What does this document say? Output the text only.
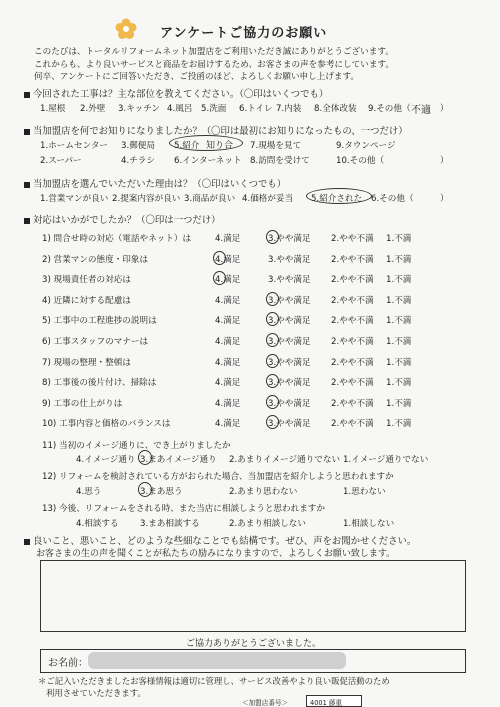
アンケートご協力のお願い
このたびは、トータルリフォームネット加盟店をご利用いただき誠にありがとうございます。
これからも、より良いサービスと商品をお届けするため、お客さまの声を参考にしています。
何卒、アンケートにご回答いただき、ご投函のほど、よろしくお願い申し上げます。
今回された工事は？主な部位を教えてください。（〇印はいくつでも）
1.屋根 2.外壁 3.キッチン 4.風呂 5.洗面 6.トイレ 7.内装 8.全体改装 9.その他（ 不適 ）
当加盟店を何でお知りになりましたか？（〇印は最初にお知りになったもの、一つだけ）
1.ホームセンター 3.郵便局 5.紹介 知り合 7.現場を見て	9.タウンページ
2.スーパー	4.チラシ 6.インターネット 8.訪問を受けて	10.その他（	）
当加盟店を選んでいただいた理由は？（〇印はいくつでも）
1.営業マンが良い 2.提案内容が良い 3.商品が良い 4.価格が妥当 5.紹介された 6.その他（	）
対応はいかがでしたか？（〇印は一つだけ）
11) 当初のイメージ通りに、でき上がりましたか
4.イメージ通り 3.まあイメージ通り 2.あまりイメージ通りでない 1.イメージ通りでない
12) リフォームを検討されている方がおられた場合、当加盟店を紹介しようと思われますか
4.思う	3.まあ思う	2.あまり思わない	1.思わない
13) 今後、リフォームをされる時、また当店に相談しようと思われますか
4.相談する 3.まあ相談する	2.あまり相談しない	1.相談しない
良いこと、悪いこと、どのような些細なことでも結構です。ぜひ、声をお聞かせください。
お客さまの生の声を聞くことが私たちの励みになりますので、よろしくお願い致します。
ご協力ありがとうございました。
お名前：
＊ご記入いただきましたお客様情報は適切に管理し、サービス改善やより良い販促活動のため
利用させていただきます。
＜加盟店番号＞	4001 藤重
1) 問合せ時の対応（電話やネット）は	4.満足	3.やや満足 2.やや不満 1.不満
2) 営業マンの態度・印象は	4.満足	3.やや満足 2.やや不満 1.不満
3) 現場責任者の対応は	4.満足	3.やや満足 2.やや不満 1.不満
4) 近隣に対する配慮は	4.満足	3.やや満足 2.やや不満 1.不満
5) 工事中の工程進捗の説明は	4.満足	3.やや満足 2.やや不満 1.不満
6) 工事スタッフのマナーは	4.満足	3.やや満足 2.やや不満 1.不満
7) 現場の整理・整頓は	4.満足	3.やや満足 2.やや不満 1.不満
8) 工事後の後片付け、掃除は	4.満足	3.やや満足 2.やや不満 1.不満
9) 工事の仕上がりは	4.満足	3.やや満足 2.やや不満 1.不満
10) 工事内容と価格のバランスは	4.満足	3.やや満足 2.やや不満 1.不満
